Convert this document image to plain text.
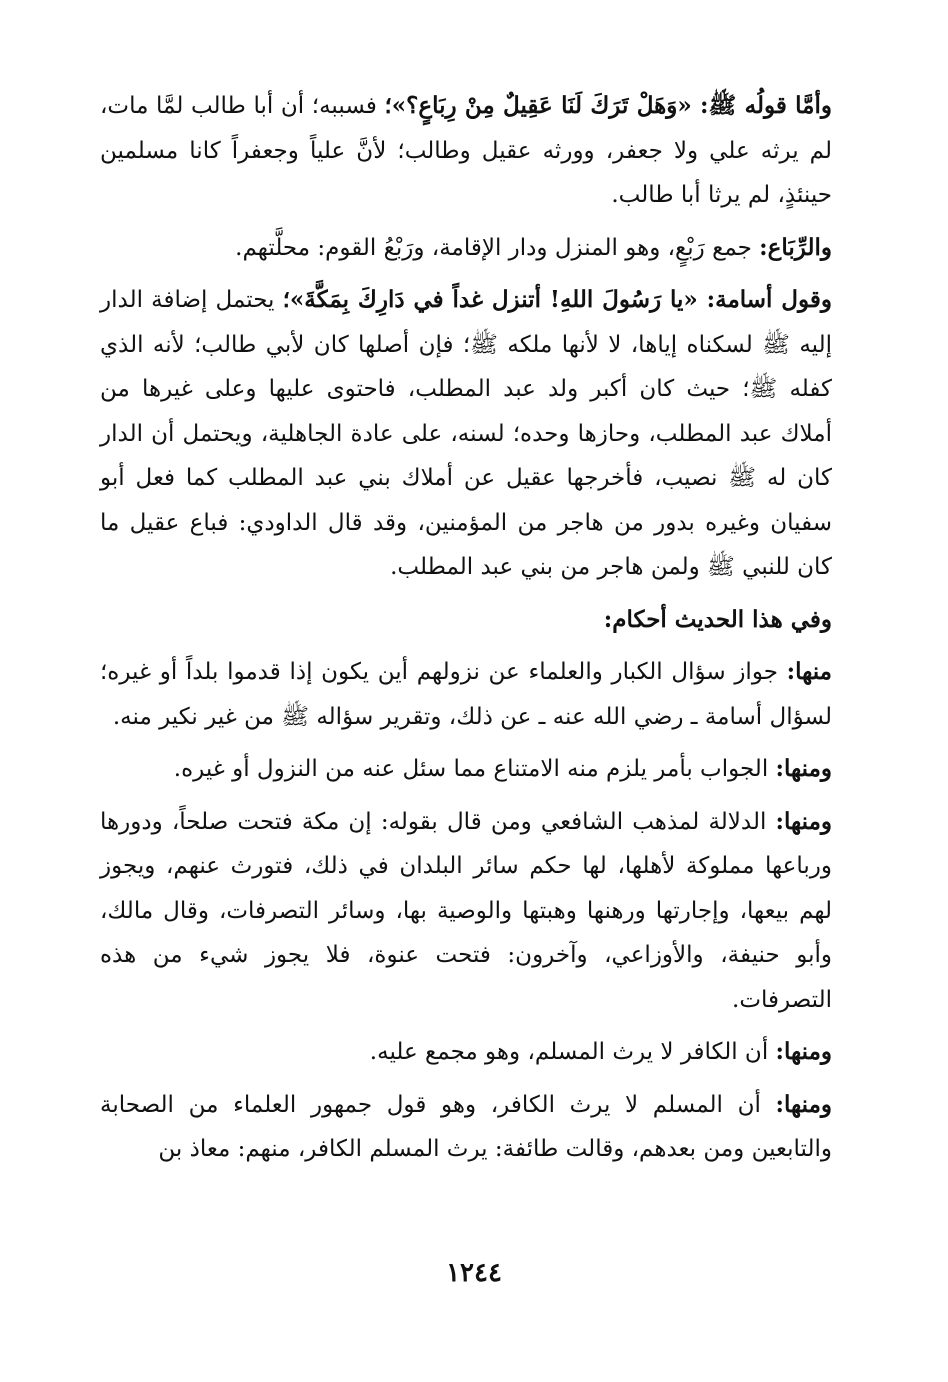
وأمَّا قولُه ﷺ: «وَهَلْ تَرَكَ لَنَا عَقِيلٌ مِنْ رِبَاعٍ؟»؛ فسببه؛ أن أبا طالب لمَّا مات، لم يرثه علي ولا جعفر، وورثه عقيل وطالب؛ لأنَّ علياً وجعفراً كانا مسلمين حينئذٍ، لم يرثا أبا طالب.

والرِّبَاع: جمع رَبْعٍ، وهو المنزل ودار الإقامة، ورَبْعُ القوم: محلَّتهم.

وقول أسامة: «يا رَسُولَ اللهِ! أتنزل غداً في دَارِكَ بِمَكَّةَ»؛ يحتمل إضافة الدار إليه ﷺ لسكناه إياها، لا لأنها ملكه ﷺ؛ فإن أصلها كان لأبي طالب؛ لأنه الذي كفله ﷺ؛ حيث كان أكبر ولد عبد المطلب، فاحتوى عليها وعلى غيرها من أملاك عبد المطلب، وحازها وحده؛ لسنه، على عادة الجاهلية، ويحتمل أن الدار كان له ﷺ نصيب، فأخرجها عقيل عن أملاك بني عبد المطلب كما فعل أبو سفيان وغيره بدور من هاجر من المؤمنين، وقد قال الداودي: فباع عقيل ما كان للنبي ﷺ ولمن هاجر من بني عبد المطلب.

وفي هذا الحديث أحكام:

منها: جواز سؤال الكبار والعلماء عن نزولهم أين يكون إذا قدموا بلداً أو غيره؛ لسؤال أسامة ـ رضي الله عنه ـ عن ذلك، وتقرير سؤاله ﷺ من غير نكير منه.

ومنها: الجواب بأمر يلزم منه الامتناع مما سئل عنه من النزول أو غيره.

ومنها: الدلالة لمذهب الشافعي ومن قال بقوله: إن مكة فتحت صلحاً، ودورها ورباعها مملوكة لأهلها، لها حكم سائر البلدان في ذلك، فتورث عنهم، ويجوز لهم بيعها، وإجارتها ورهنها وهبتها والوصية بها، وسائر التصرفات، وقال مالك، وأبو حنيفة، والأوزاعي، وآخرون: فتحت عنوة، فلا يجوز شيء من هذه التصرفات.

ومنها: أن الكافر لا يرث المسلم، وهو مجمع عليه.

ومنها: أن المسلم لا يرث الكافر، وهو قول جمهور العلماء من الصحابة والتابعين ومن بعدهم، وقالت طائفة: يرث المسلم الكافر، منهم: معاذ بن

١٢٤٤
